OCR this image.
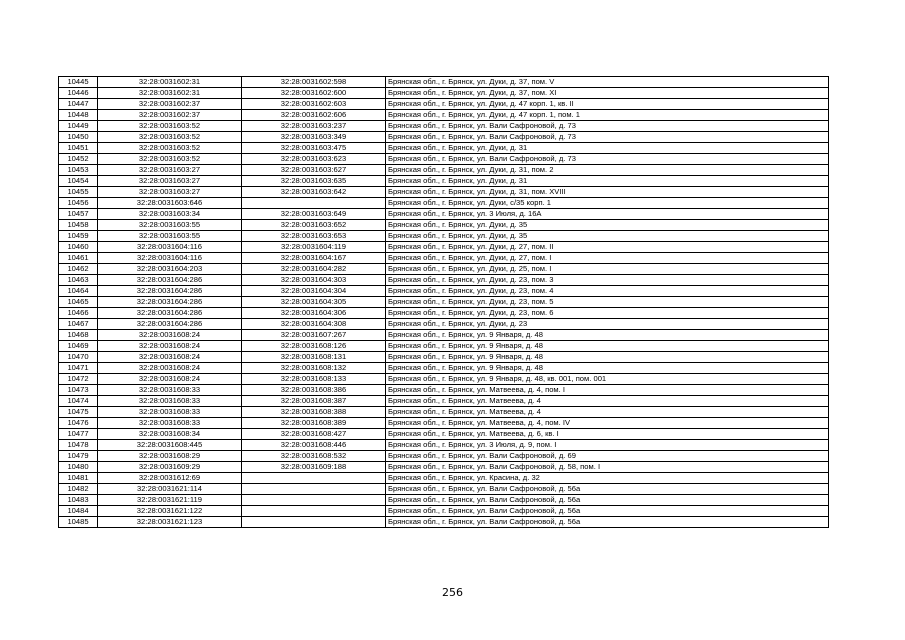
10445	32:28:0031602:31	32:28:0031602:598	Брянская обл., г. Брянск, ул. Дуки, д. 37, пом. V
10446	32:28:0031602:31	32:28:0031602:600	Брянская обл., г. Брянск, ул. Дуки, д. 37, пом. XI
10447	32:28:0031602:37	32:28:0031602:603	Брянская обл., г. Брянск, ул. Дуки, д. 47 корп. 1, кв. II
10448	32:28:0031602:37	32:28:0031602:606	Брянская обл., г. Брянск, ул. Дуки, д. 47 корп. 1, пом. 1
10449	32:28:0031603:52	32:28:0031603:237	Брянская обл., г. Брянск, ул. Вали Сафроновой, д. 73
10450	32:28:0031603:52	32:28:0031603:349	Брянская обл., г. Брянск, ул. Вали Сафроновой, д. 73
10451	32:28:0031603:52	32:28:0031603:475	Брянская обл., г. Брянск, ул. Дуки, д. 31
10452	32:28:0031603:52	32:28:0031603:623	Брянская обл., г. Брянск, ул. Вали Сафроновой, д. 73
10453	32:28:0031603:27	32:28:0031603:627	Брянская обл., г. Брянск, ул. Дуки, д. 31, пом. 2
10454	32:28:0031603:27	32:28:0031603:635	Брянская обл., г. Брянск, ул. Дуки, д. 31
10455	32:28:0031603:27	32:28:0031603:642	Брянская обл., г. Брянск, ул. Дуки, д. 31, пом. XVIII
10456	32:28:0031603:646		Брянская обл., г. Брянск, ул. Дуки, с/35 корп. 1
10457	32:28:0031603:34	32:28:0031603:649	Брянская обл., г. Брянск, ул. 3 Июля, д. 16А
10458	32:28:0031603:55	32:28:0031603:652	Брянская обл., г. Брянск, ул. Дуки, д. 35
10459	32:28:0031603:55	32:28:0031603:653	Брянская обл., г. Брянск, ул. Дуки, д. 35
10460	32:28:0031604:116	32:28:0031604:119	Брянская обл., г. Брянск, ул. Дуки, д. 27, пом. II
10461	32:28:0031604:116	32:28:0031604:167	Брянская обл., г. Брянск, ул. Дуки, д. 27, пом. I
10462	32:28:0031604:203	32:28:0031604:282	Брянская обл., г. Брянск, ул. Дуки, д. 25, пом. I
10463	32:28:0031604:286	32:28:0031604:303	Брянская обл., г. Брянск, ул. Дуки, д. 23, пом. 3
10464	32:28:0031604:286	32:28:0031604:304	Брянская обл., г. Брянск, ул. Дуки, д. 23, пом. 4
10465	32:28:0031604:286	32:28:0031604:305	Брянская обл., г. Брянск, ул. Дуки, д. 23, пом. 5
10466	32:28:0031604:286	32:28:0031604:306	Брянская обл., г. Брянск, ул. Дуки, д. 23, пом. 6
10467	32:28:0031604:286	32:28:0031604:308	Брянская обл., г. Брянск, ул. Дуки, д. 23
10468	32:28:0031608:24	32:28:0031607:267	Брянская обл., г. Брянск, ул. 9 Января, д. 48
10469	32:28:0031608:24	32:28:0031608:126	Брянская обл., г. Брянск, ул. 9 Января, д. 48
10470	32:28:0031608:24	32:28:0031608:131	Брянская обл., г. Брянск, ул. 9 Января, д. 48
10471	32:28:0031608:24	32:28:0031608:132	Брянская обл., г. Брянск, ул. 9 Января, д. 48
10472	32:28:0031608:24	32:28:0031608:133	Брянская обл., г. Брянск, ул. 9 Января, д. 48, кв. 001, пом. 001
10473	32:28:0031608:33	32:28:0031608:386	Брянская обл., г. Брянск, ул. Матвеева, д. 4, пом. I
10474	32:28:0031608:33	32:28:0031608:387	Брянская обл., г. Брянск, ул. Матвеева, д. 4
10475	32:28:0031608:33	32:28:0031608:388	Брянская обл., г. Брянск, ул. Матвеева, д. 4
10476	32:28:0031608:33	32:28:0031608:389	Брянская обл., г. Брянск, ул. Матвеева, д. 4, пом. IV
10477	32:28:0031608:34	32:28:0031608:427	Брянская обл., г. Брянск, ул. Матвеева, д. 6, кв. I
10478	32:28:0031608:445	32:28:0031608:446	Брянская обл., г. Брянск, ул. 3 Июля, д. 9, пом. I
10479	32:28:0031608:29	32:28:0031608:532	Брянская обл., г. Брянск, ул. Вали Сафроновой, д. 69
10480	32:28:0031609:29	32:28:0031609:188	Брянская обл., г. Брянск, ул. Вали Сафроновой, д. 58, пом. I
10481	32:28:0031612:69		Брянская обл., г. Брянск, ул. Красина, д. 32
10482	32:28:0031621:114		Брянская обл., г. Брянск, ул. Вали Сафроновой, д. 56а
10483	32:28:0031621:119		Брянская обл., г. Брянск, ул. Вали Сафроновой, д. 56а
10484	32:28:0031621:122		Брянская обл., г. Брянск, ул. Вали Сафроновой, д. 56а
10485	32:28:0031621:123		Брянская обл., г. Брянск, ул. Вали Сафроновой, д. 56а
256
